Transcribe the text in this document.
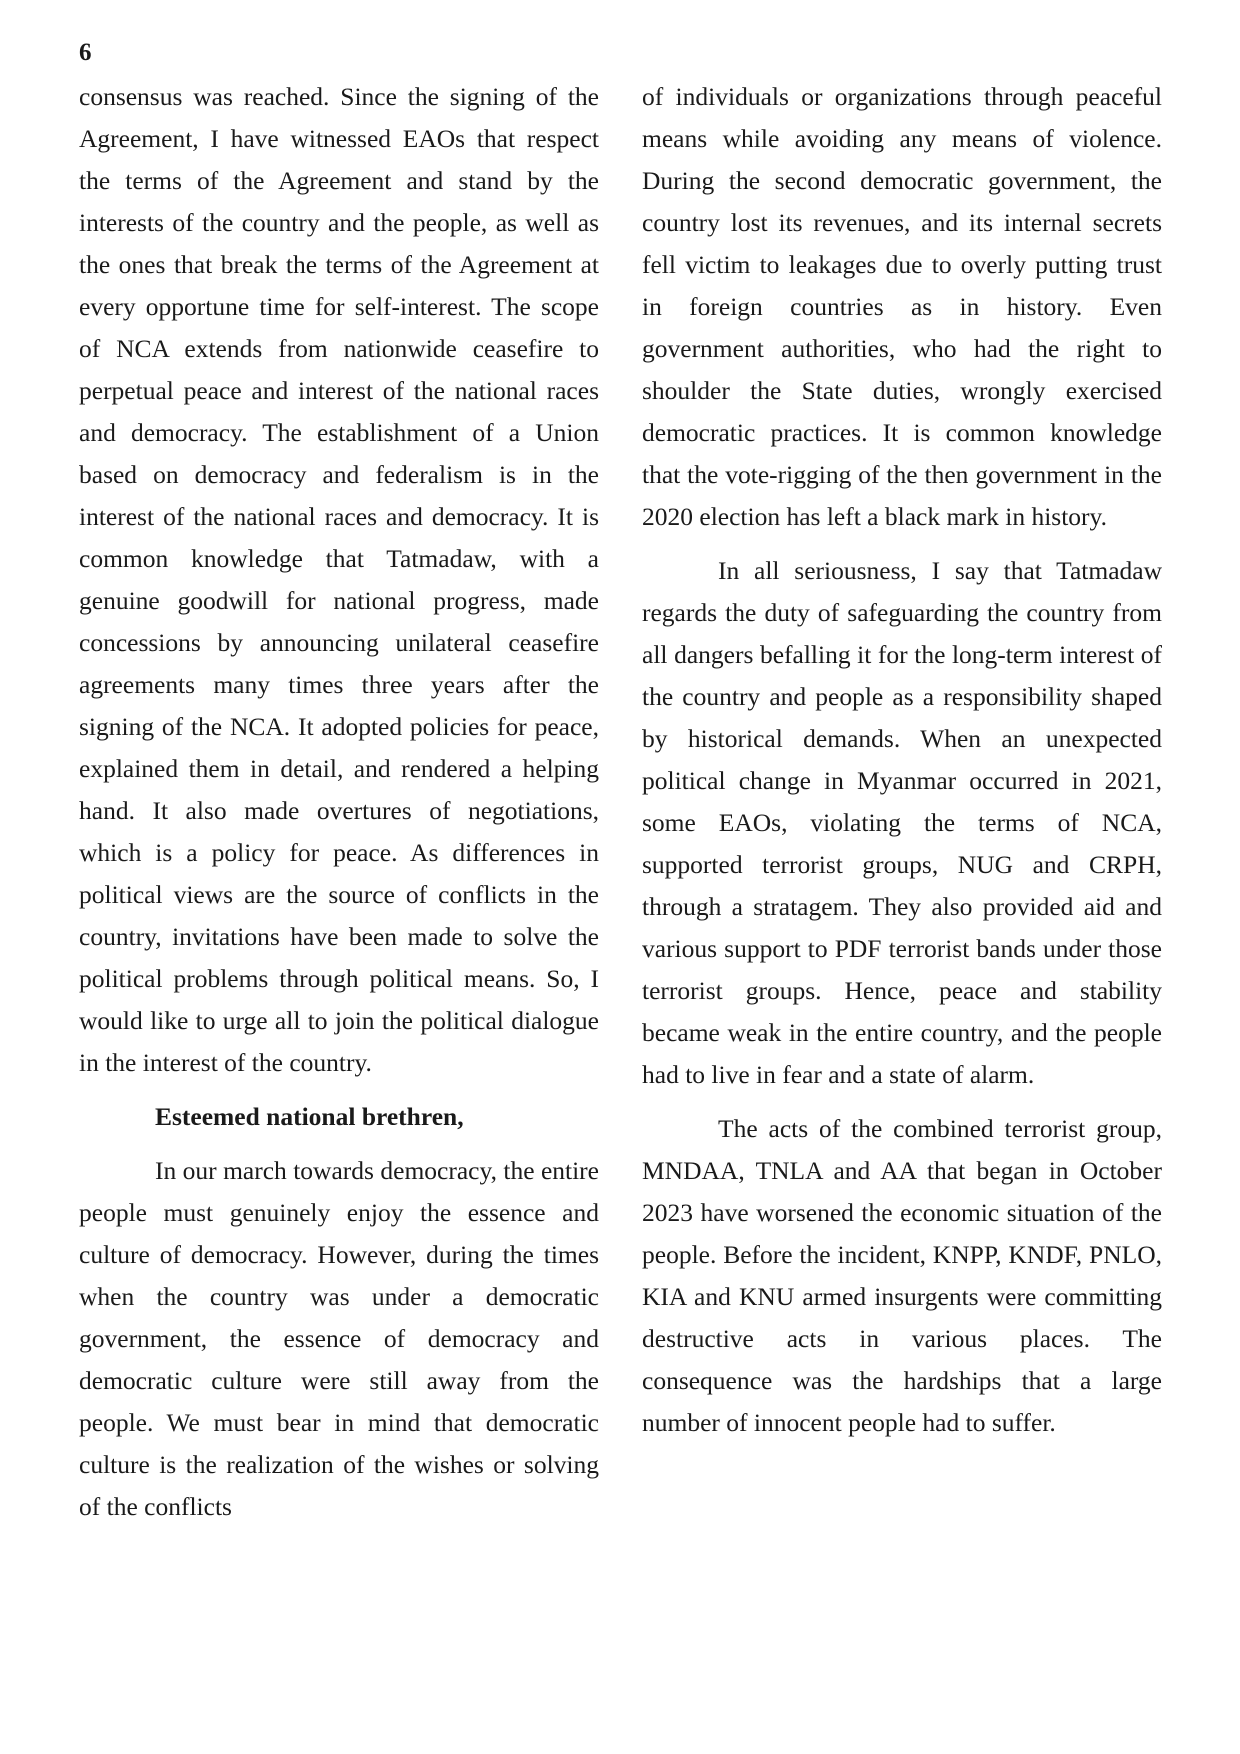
6

consensus was reached. Since the signing of the Agreement, I have witnessed EAOs that respect the terms of the Agreement and stand by the interests of the country and the people, as well as the ones that break the terms of the Agreement at every opportune time for self-interest. The scope of NCA extends from nationwide ceasefire to perpetual peace and interest of the national races and democracy. The establishment of a Union based on democracy and federalism is in the interest of the national races and democracy. It is common knowledge that Tatmadaw, with a genuine goodwill for national progress, made concessions by announcing unilateral ceasefire agreements many times three years after the signing of the NCA. It adopted policies for peace, explained them in detail, and rendered a helping hand. It also made overtures of negotiations, which is a policy for peace. As differences in political views are the source of conflicts in the country, invitations have been made to solve the political problems through political means. So, I would like to urge all to join the political dialogue in the interest of the country.

Esteemed national brethren,

In our march towards democracy, the entire people must genuinely enjoy the essence and culture of democracy. However, during the times when the country was under a democratic government, the essence of democracy and democratic culture were still away from the people. We must bear in mind that democratic culture is the realization of the wishes or solving of the conflicts

of individuals or organizations through peaceful means while avoiding any means of violence. During the second democratic government, the country lost its revenues, and its internal secrets fell victim to leakages due to overly putting trust in foreign countries as in history. Even government authorities, who had the right to shoulder the State duties, wrongly exercised democratic practices. It is common knowledge that the vote-rigging of the then government in the 2020 election has left a black mark in history.

In all seriousness, I say that Tatmadaw regards the duty of safeguarding the country from all dangers befalling it for the long-term interest of the country and people as a responsibility shaped by historical demands. When an unexpected political change in Myanmar occurred in 2021, some EAOs, violating the terms of NCA, supported terrorist groups, NUG and CRPH, through a stratagem. They also provided aid and various support to PDF terrorist bands under those terrorist groups. Hence, peace and stability became weak in the entire country, and the people had to live in fear and a state of alarm.

The acts of the combined terrorist group, MNDAA, TNLA and AA that began in October 2023 have worsened the economic situation of the people. Before the incident, KNPP, KNDF, PNLO, KIA and KNU armed insurgents were committing destructive acts in various places. The consequence was the hardships that a large number of innocent people had to suffer.
